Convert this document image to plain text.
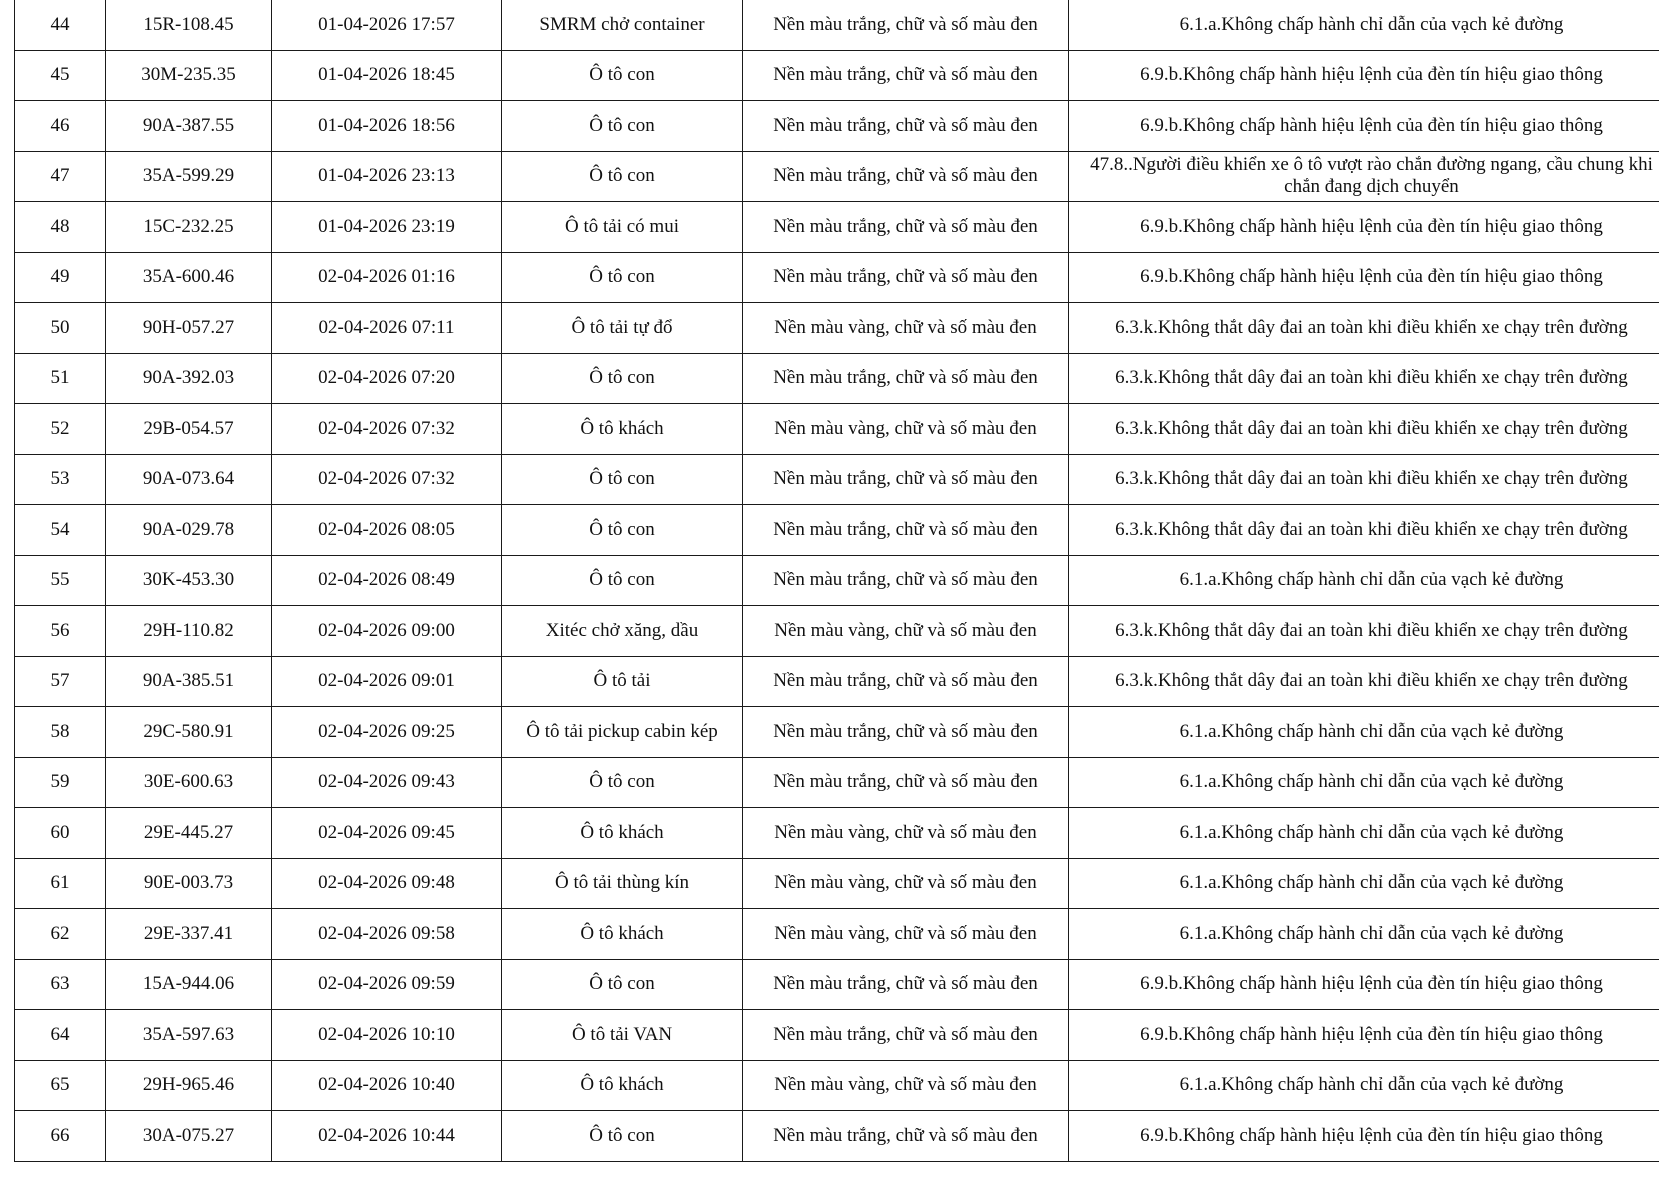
44	15R-108.45	01-04-2026 17:57	SMRM chở container	Nền màu trắng, chữ và số màu đen	6.1.a.Không chấp hành chỉ dẫn của vạch kẻ đường
45	30M-235.35	01-04-2026 18:45	Ô tô con	Nền màu trắng, chữ và số màu đen	6.9.b.Không chấp hành hiệu lệnh của đèn tín hiệu giao thông
46	90A-387.55	01-04-2026 18:56	Ô tô con	Nền màu trắng, chữ và số màu đen	6.9.b.Không chấp hành hiệu lệnh của đèn tín hiệu giao thông
47	35A-599.29	01-04-2026 23:13	Ô tô con	Nền màu trắng, chữ và số màu đen	47.8..Người điều khiển xe ô tô vượt rào chắn đường ngang, cầu chung khi chắn đang dịch chuyển
48	15C-232.25	01-04-2026 23:19	Ô tô tải có mui	Nền màu trắng, chữ và số màu đen	6.9.b.Không chấp hành hiệu lệnh của đèn tín hiệu giao thông
49	35A-600.46	02-04-2026 01:16	Ô tô con	Nền màu trắng, chữ và số màu đen	6.9.b.Không chấp hành hiệu lệnh của đèn tín hiệu giao thông
50	90H-057.27	02-04-2026 07:11	Ô tô tải tự đổ	Nền màu vàng, chữ và số màu đen	6.3.k.Không thắt dây đai an toàn khi điều khiển xe chạy trên đường
51	90A-392.03	02-04-2026 07:20	Ô tô con	Nền màu trắng, chữ và số màu đen	6.3.k.Không thắt dây đai an toàn khi điều khiển xe chạy trên đường
52	29B-054.57	02-04-2026 07:32	Ô tô khách	Nền màu vàng, chữ và số màu đen	6.3.k.Không thắt dây đai an toàn khi điều khiển xe chạy trên đường
53	90A-073.64	02-04-2026 07:32	Ô tô con	Nền màu trắng, chữ và số màu đen	6.3.k.Không thắt dây đai an toàn khi điều khiển xe chạy trên đường
54	90A-029.78	02-04-2026 08:05	Ô tô con	Nền màu trắng, chữ và số màu đen	6.3.k.Không thắt dây đai an toàn khi điều khiển xe chạy trên đường
55	30K-453.30	02-04-2026 08:49	Ô tô con	Nền màu trắng, chữ và số màu đen	6.1.a.Không chấp hành chỉ dẫn của vạch kẻ đường
56	29H-110.82	02-04-2026 09:00	Xitéc chở xăng, dầu	Nền màu vàng, chữ và số màu đen	6.3.k.Không thắt dây đai an toàn khi điều khiển xe chạy trên đường
57	90A-385.51	02-04-2026 09:01	Ô tô tải	Nền màu trắng, chữ và số màu đen	6.3.k.Không thắt dây đai an toàn khi điều khiển xe chạy trên đường
58	29C-580.91	02-04-2026 09:25	Ô tô tải pickup cabin kép	Nền màu trắng, chữ và số màu đen	6.1.a.Không chấp hành chỉ dẫn của vạch kẻ đường
59	30E-600.63	02-04-2026 09:43	Ô tô con	Nền màu trắng, chữ và số màu đen	6.1.a.Không chấp hành chỉ dẫn của vạch kẻ đường
60	29E-445.27	02-04-2026 09:45	Ô tô khách	Nền màu vàng, chữ và số màu đen	6.1.a.Không chấp hành chỉ dẫn của vạch kẻ đường
61	90E-003.73	02-04-2026 09:48	Ô tô tải thùng kín	Nền màu vàng, chữ và số màu đen	6.1.a.Không chấp hành chỉ dẫn của vạch kẻ đường
62	29E-337.41	02-04-2026 09:58	Ô tô khách	Nền màu vàng, chữ và số màu đen	6.1.a.Không chấp hành chỉ dẫn của vạch kẻ đường
63	15A-944.06	02-04-2026 09:59	Ô tô con	Nền màu trắng, chữ và số màu đen	6.9.b.Không chấp hành hiệu lệnh của đèn tín hiệu giao thông
64	35A-597.63	02-04-2026 10:10	Ô tô tải VAN	Nền màu trắng, chữ và số màu đen	6.9.b.Không chấp hành hiệu lệnh của đèn tín hiệu giao thông
65	29H-965.46	02-04-2026 10:40	Ô tô khách	Nền màu vàng, chữ và số màu đen	6.1.a.Không chấp hành chỉ dẫn của vạch kẻ đường
66	30A-075.27	02-04-2026 10:44	Ô tô con	Nền màu trắng, chữ và số màu đen	6.9.b.Không chấp hành hiệu lệnh của đèn tín hiệu giao thông
